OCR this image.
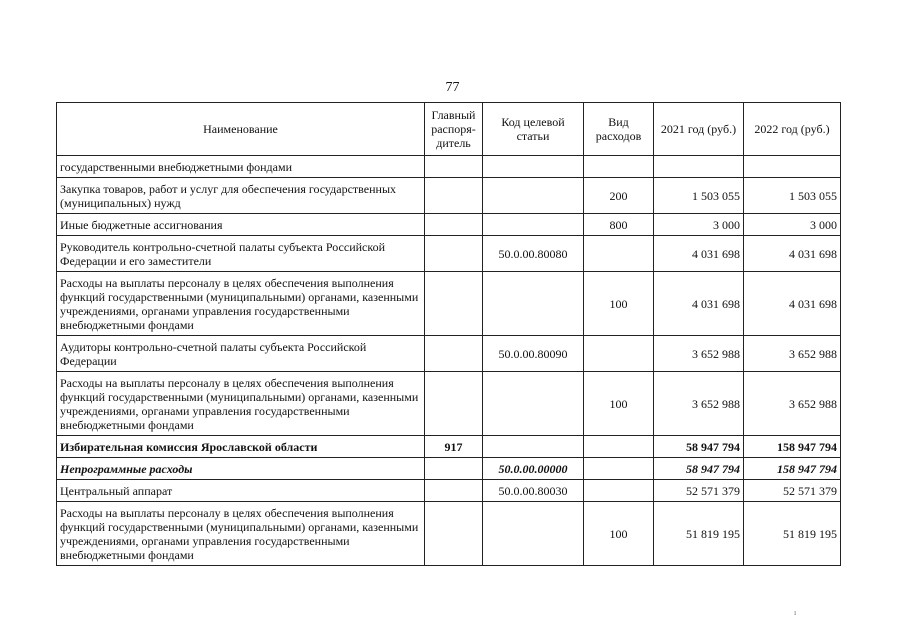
77
Наименование	Главный распоря-дитель	Код целевой статьи	Вид расходов	2021 год (руб.)	2022 год (руб.)
государственными внебюджетными фондами					
Закупка товаров, работ и услуг для обеспечения государственных (муниципальных) нужд			200	1 503 055	1 503 055
Иные бюджетные ассигнования			800	3 000	3 000
Руководитель контрольно-счетной палаты субъекта Российской Федерации и его заместители		50.0.00.80080		4 031 698	4 031 698
Расходы на выплаты персоналу в целях обеспечения выполнения функций государственными (муниципальными) органами, казенными учреждениями, органами управления государственными внебюджетными фондами			100	4 031 698	4 031 698
Аудиторы контрольно-счетной палаты субъекта Российской Федерации		50.0.00.80090		3 652 988	3 652 988
Расходы на выплаты персоналу в целях обеспечения выполнения функций государственными (муниципальными) органами, казенными учреждениями, органами управления государственными внебюджетными фондами			100	3 652 988	3 652 988
Избирательная комиссия Ярославской области	917			58 947 794	158 947 794
Непрограммные расходы		50.0.00.00000		58 947 794	158 947 794
Центральный аппарат		50.0.00.80030		52 571 379	52 571 379
Расходы на выплаты персоналу в целях обеспечения выполнения функций государственными (муниципальными) органами, казенными учреждениями, органами управления государственными внебюджетными фондами			100	51 819 195	51 819 195
ı
